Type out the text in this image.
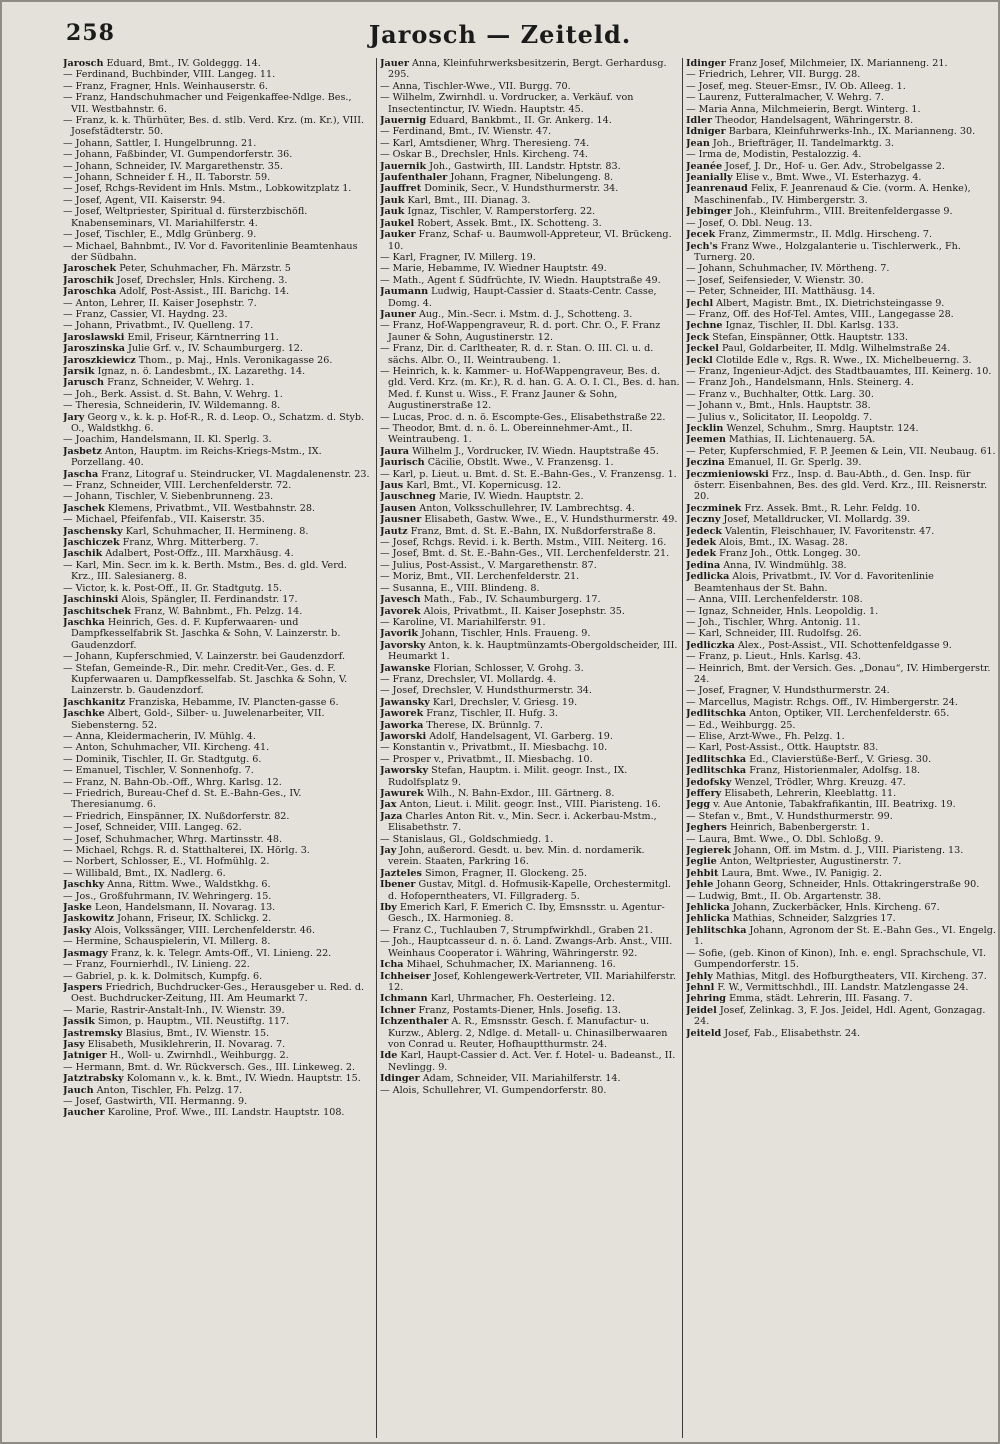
258	Jarosch — Zeiteld.
Jarosch Eduard, Bmt., IV. Goldeggg. 14.
— Ferdinand, Buchbinder, VIII. Langeg. 11.
— Franz, Fragner, Hnls. Weinhauserstr. 6.
— Franz, Handschuhmacher und Feigenkaffee-Ndlge. Bes., VII. Westbahnstr. 6.
— Franz, k. k. Thürhüter, Bes. d. stlb. Verd. Krz. (m. Kr.), VIII. Josefstädterstr. 50.
— Johann, Sattler, I. Hungelbrunng. 21.
— Johann, Faßbinder, VI. Gumpendorferstr. 36.
— Johann, Schneider, IV. Margarethenstr. 35.
— Johann, Schneider f. H., II. Taborstr. 59.
— Josef, Rchgs-Revident im Hnls. Mstm., Lobkowitzplatz 1.
— Josef, Agent, VII. Kaiserstr. 94.
— Josef, Weltpriester, Spiritual d. fürsterzbischöfl. Knabenseminars, VI. Mariahilferstr. 4.
— Josef, Tischler, E., Mdlg Grünberg. 9.
— Michael, Bahnbmt., IV. Vor d. Favoritenlinie Beamtenhaus der Südbahn.
Jaroschek Peter, Schuhmacher, Fh. Märzstr. 5
Jaroschik Josef, Drechsler, Hnls. Kircheng. 3.
Jaroschka Adolf, Post-Assist., III. Barichg. 14.
— Anton, Lehrer, II. Kaiser Josephstr. 7.
— Franz, Cassier, VI. Haydng. 23.
— Johann, Privatbmt., IV. Quelleng. 17.
Jaroslawski Emil, Friseur, Kärntnerring 11.
Jaroszinska Julie Grf. v., IV. Schaumburgerg. 12.
Jaroszkiewicz Thom., p. Maj., Hnls. Veronikagasse 26.
Jarsik Ignaz, n. ö. Landesbmt., IX. Lazarethg. 14.
Jarusch Franz, Schneider, V. Wehrg. 1.
— Joh., Berk. Assist. d. St. Bahn, V. Wehrg. 1.
— Theresia, Schneiderin, IV. Wildemanng. 8.
Jary Georg v., k. k. p. Hof-R., R. d. Leop. O., Schatzm. d. Styb. O., Waldstkhg. 6.
— Joachim, Handelsmann, II. Kl. Sperlg. 3.
Jasbetz Anton, Hauptm. im Reichs-Kriegs-Mstm., IX. Porzellang. 40.
Jascha Franz, Litograf u. Steindrucker, VI. Magdalenenstr. 23.
— Franz, Schneider, VIII. Lerchenfelderstr. 72.
— Johann, Tischler, V. Siebenbrunneng. 23.
Jaschek Klemens, Privatbmt., VII. Westbahnstr. 28.
— Michael, Pfeifenfab., VII. Kaiserstr. 35.
Jaschensky Karl, Schuhmacher, II. Hermineng. 8.
Jaschiczek Franz, Whrg. Mitterberg. 7.
Jaschik Adalbert, Post-Offz., III. Marxhäusg. 4.
— Karl, Min. Secr. im k. k. Berth. Mstm., Bes. d. gld. Verd. Krz., III. Salesianerg. 8.
— Victor, k. k. Post-Off., II. Gr. Stadtgutg. 15.
Jaschinski Alois, Spängler, II. Ferdinandstr. 17.
Jaschitschek Franz, W. Bahnbmt., Fh. Pelzg. 14.
Jaschka Heinrich, Ges. d. F. Kupferwaaren- und Dampfkesselfabrik St. Jaschka & Sohn, V. Lainzerstr. b. Gaudenzdorf.
— Johann, Kupferschmied, V. Lainzerstr. bei Gaudenzdorf.
— Stefan, Gemeinde-R., Dir. mehr. Credit-Ver., Ges. d. F. Kupferwaaren u. Dampfkesselfab. St. Jaschka & Sohn, V. Lainzerstr. b. Gaudenzdorf.
Jaschkanitz Franziska, Hebamme, IV. Plancten-gasse 6.
Jaschke Albert, Gold-, Silber- u. Juwelenarbeiter, VII. Siebensterng. 52.
— Anna, Kleidermacherin, IV. Mühlg. 4.
— Anton, Schuhmacher, VII. Kircheng. 41.
— Dominik, Tischler, II. Gr. Stadtgutg. 6.
— Emanuel, Tischler, V. Sonnenhofg. 7.
— Franz, N. Bahn-Ob.-Off., Whrg. Karlsg. 12.
— Friedrich, Bureau-Chef d. St. E.-Bahn-Ges., IV. Theresianumg. 6.
— Friedrich, Einspänner, IX. Nußdorferstr. 82.
— Josef, Schneider, VIII. Langeg. 62.
— Josef, Schuhmacher, Whrg. Martinsstr. 48.
— Michael, Rchgs. R. d. Statthalterei, IX. Hörlg. 3.
— Norbert, Schlosser, E., VI. Hofmühlg. 2.
— Willibald, Bmt., IX. Nadlerg. 6.
Jaschky Anna, Rittm. Wwe., Waldstkhg. 6.
— Jos., Großfuhrmann, IV. Wehringerg. 15.
Jaske Leon, Handelsmann, II. Novarag. 13.
Jaskowitz Johann, Friseur, IX. Schlickg. 2.
Jasky Alois, Volkssänger, VIII. Lerchenfelderstr. 46.
— Hermine, Schauspielerin, VI. Millerg. 8.
Jasmagy Franz, k. k. Telegr. Amts-Off., VI. Linieng. 22.
— Franz, Fournierhdl., IV. Linieng. 22.
— Gabriel, p. k. k. Dolmitsch, Kumpfg. 6.
Jaspers Friedrich, Buchdrucker-Ges., Herausgeber u. Red. d. Oest. Buchdrucker-Zeitung, III. Am Heumarkt 7.
— Marie, Rastrir-Anstalt-Inh., IV. Wienstr. 39.
Jassik Simon, p. Hauptm., VII. Neustiftg. 117.
Jastremsky Blasius, Bmt., IV. Wienstr. 15.
Jasy Elisabeth, Musiklehrerin, II. Novarag. 7.
Jatniger H., Woll- u. Zwirnhdl., Weihburgg. 2.
— Hermann, Bmt. d. Wr. Rückversch. Ges., III. Linkeweg. 2.
Jatztrabsky Kolomann v., k. k. Bmt., IV. Wiedn. Hauptstr. 15.
Jauch Anton, Tischler, Fh. Pelzg. 17.
— Josef, Gastwirth, VII. Hermanng. 9.
Jaucher Karoline, Prof. Wwe., III. Landstr. Hauptstr. 108.
Jauer Anna, Kleinfuhrwerksbesitzerin, Bergt. Gerhardusg. 295.
— Anna, Tischler-Wwe., VII. Burgg. 70.
— Wilhelm, Zwirnhdl. u. Vordrucker, a. Verkäuf. von Insectentinctur, IV. Wiedn. Hauptstr. 45.
Jauernig Eduard, Bankbmt., II. Gr. Ankerg. 14.
— Ferdinand, Bmt., IV. Wienstr. 47.
— Karl, Amtsdiener, Whrg. Theresieng. 74.
— Oskar B., Drechsler, Hnls. Kircheng. 74.
Jauernik Joh., Gastwirth, III. Landstr. Hptstr. 83.
Jaufenthaler Johann, Fragner, Nibelungeng. 8.
Jauffret Dominik, Secr., V. Hundsthurmerstr. 34.
Jauk Karl, Bmt., III. Dianag. 3.
Jauk Ignaz, Tischler, V. Ramperstorferg. 22.
Jaukel Robert, Assek. Bmt., IX. Schotteng. 3.
Jauker Franz, Schaf- u. Baumwoll-Appreteur, VI. Brückeng. 10.
— Karl, Fragner, IV. Millerg. 19.
— Marie, Hebamme, IV. Wiedner Hauptstr. 49.
— Math., Agent f. Südfrüchte, IV. Wiedn. Hauptstraße 49.
Jaumann Ludwig, Haupt-Cassier d. Staats-Centr. Casse, Domg. 4.
Jauner Aug., Min.-Secr. i. Mstm. d. J., Schotteng. 3.
— Franz, Hof-Wappengraveur, R. d. port. Chr. O., F. Franz Jauner & Sohn, Augustinerstr. 12.
— Franz, Dir. d. Carltheater, R. d. r. Stan. O. III. Cl. u. d. sächs. Albr. O., II. Weintraubeng. 1.
— Heinrich, k. k. Kammer- u. Hof-Wappengraveur, Bes. d. gld. Verd. Krz. (m. Kr.), R. d. han. G. A. O. I. Cl., Bes. d. han. Med. f. Kunst u. Wiss., F. Franz Jauner & Sohn, Augustinerstraße 12.
— Lucas, Proc. d. n. ö. Escompte-Ges., Elisabethstraße 22.
— Theodor, Bmt. d. n. ö. L. Obereinnehmer-Amt., II. Weintraubeng. 1.
Jaura Wilhelm J., Vordrucker, IV. Wiedn. Hauptstraße 45.
Jaurisch Cäcilie, Obstlt. Wwe., V. Franzensg. 1.
— Karl, p. Lieut. u. Bmt. d. St. E.-Bahn-Ges., V. Franzensg. 1.
Jaus Karl, Bmt., VI. Kopernicusg. 12.
Jauschneg Marie, IV. Wiedn. Hauptstr. 2.
Jausen Anton, Volksschullehrer, IV. Lambrechtsg. 4.
Jausner Elisabeth, Gastw. Wwe., E., V. Hundsthurmerstr. 49.
Jautz Franz, Bmt. d. St. E.-Bahn, IX. Nußdorferstraße 8.
— Josef, Rchgs. Revid. i. k. Berth. Mstm., VIII. Neiterg. 16.
— Josef, Bmt. d. St. E.-Bahn-Ges., VII. Lerchenfelderstr. 21.
— Julius, Post-Assist., V. Margarethenstr. 87.
— Moriz, Bmt., VII. Lerchenfelderstr. 21.
— Susanna, E., VIII. Blindeng. 8.
Javesch Math., Fab., IV. Schaumburgerg. 17.
Javorek Alois, Privatbmt., II. Kaiser Josephstr. 35.
— Karoline, VI. Mariahilferstr. 91.
Javorik Johann, Tischler, Hnls. Fraueng. 9.
Javorsky Anton, k. k. Hauptmünzamts-Obergoldscheider, III. Heumarkt 1.
Jawanske Florian, Schlosser, V. Grohg. 3.
— Franz, Drechsler, VI. Mollardg. 4.
— Josef, Drechsler, V. Hundsthurmerstr. 34.
Jawansky Karl, Drechsler, V. Griesg. 19.
Jaworek Franz, Tischler, II. Hufg. 3.
Jaworka Therese, IX. Brünnlg. 7.
Jaworski Adolf, Handelsagent, VI. Garberg. 19.
— Konstantin v., Privatbmt., II. Miesbachg. 10.
— Prosper v., Privatbmt., II. Miesbachg. 10.
Jaworsky Stefan, Hauptm. i. Milit. geogr. Inst., IX. Rudolfsplatz 9.
Jawurek Wilh., N. Bahn-Exdor., III. Gärtnerg. 8.
Jax Anton, Lieut. i. Milit. geogr. Inst., VIII. Piaristeng. 16.
Jaza Charles Anton Rit. v., Min. Secr. i. Ackerbau-Mstm., Elisabethstr. 7.
— Stanislaus, Gl., Goldschmiedg. 1.
Jay John, außerord. Gesdt. u. bev. Min. d. nordamerik. verein. Staaten, Parkring 16.
Jazteles Simon, Fragner, II. Glockeng. 25.
Ibener Gustav, Mitgl. d. Hofmusik-Kapelle, Orchestermitgl. d. Hofoperntheaters, VI. Fillgraderg. 5.
Iby Emerich Karl, F. Emerich C. Iby, Emsnsstr. u. Agentur-Gesch., IX. Harmonieg. 8.
— Franz C., Tuchlauben 7, Strumpfwirkhdl., Graben 21.
— Joh., Hauptcasseur d. n. ö. Land. Zwangs-Arb. Anst., VIII. Weinhaus Cooperator i. Währing, Währingerstr. 92.
Icha Mihael, Schuhmacher, IX. Marianneng. 16.
Ichheiser Josef, Kohlengewerk-Vertreter, VII. Mariahilferstr. 12.
Ichmann Karl, Uhrmacher, Fh. Oesterleing. 12.
Ichner Franz, Postamts-Diener, Hnls. Josefig. 13.
Ichzenthaler A. R., Emsnsstr. Gesch. f. Manufactur- u. Kurzw., Ablerg. 2, Ndlge. d. Metall- u. Chinasilberwaaren von Conrad u. Reuter, Hofhauptthurmstr. 24.
Ide Karl, Haupt-Cassier d. Act. Ver. f. Hotel- u. Badeanst., II. Nevlingg. 9.
Idinger Adam, Schneider, VII. Mariahilferstr. 14.
— Alois, Schullehrer, VI. Gumpendorferstr. 80.
Idinger Franz Josef, Milchmeier, IX. Marianneng. 21.
— Friedrich, Lehrer, VII. Burgg. 28.
— Josef, meg. Steuer-Emsr., IV. Ob. Alleeg. 1.
— Laurenz, Futteralmacher, V. Wehrg. 7.
— Maria Anna, Milchmeierin, Bergt. Winterg. 1.
Idler Theodor, Handelsagent, Währingerstr. 8.
Idniger Barbara, Kleinfuhrwerks-Inh., IX. Marianneng. 30.
Jean Joh., Briefträger, II. Tandelmarktg. 3.
— Irma de, Modistin, Pestalozzig. 4.
Jeanée Josef, J. Dr., Hof- u. Ger. Adv., Strobelgasse 2.
Jeanially Elise v., Bmt. Wwe., VI. Esterhazyg. 4.
Jeanrenaud Felix, F. Jeanrenaud & Cie. (vorm. A. Henke), Maschinenfab., IV. Himbergerstr. 3.
Jebinger Joh., Kleinfuhrm., VIII. Breitenfeldergasse 9.
— Josef, O. Dbl. Neug. 13.
Jecek Franz, Zimmermstr., II. Mdlg. Hirscheng. 7.
Jech's Franz Wwe., Holzgalanterie u. Tischlerwerk., Fh. Turnerg. 20.
— Johann, Schuhmacher, IV. Mörtheng. 7.
— Josef, Seifensieder, V. Wienstr. 30.
— Peter, Schneider, III. Matthäusg. 14.
Jechl Albert, Magistr. Bmt., IX. Dietrichsteingasse 9.
— Franz, Off. des Hof-Tel. Amtes, VIII., Langegasse 28.
Jechne Ignaz, Tischler, II. Dbl. Karlsg. 133.
Jeck Stefan, Einspänner, Ottk. Hauptstr. 133.
Jeckel Paul, Goldarbeiter, II. Mdlg. Wilhelmstraße 24.
Jeckl Clotilde Edle v., Rgs. R. Wwe., IX. Michelbeuerng. 3.
— Franz, Ingenieur-Adjct. des Stadtbauamtes, III. Keinerg. 10.
— Franz Joh., Handelsmann, Hnls. Steinerg. 4.
— Franz v., Buchhalter, Ottk. Larg. 30.
— Johann v., Bmt., Hnls. Hauptstr. 38.
— Julius v., Solicitator, II. Leopoldg. 7.
Jecklin Wenzel, Schuhm., Smrg. Hauptstr. 124.
Jeemen Mathias, II. Lichtenauerg. 5A.
— Peter, Kupferschmied, F. P. Jeemen & Lein, VII. Neubaug. 61.
Jeczina Emanuel, II. Gr. Sperlg. 39.
Jeczmieniowski Frz., Insp. d. Bau-Abth., d. Gen. Insp. für österr. Eisenbahnen, Bes. des gld. Verd. Krz., III. Reisnerstr. 20.
Jeczminek Frz. Assek. Bmt., R. Lehr. Feldg. 10.
Jeczny Josef, Metalldrucker, VI. Mollardg. 39.
Jedeck Valentin, Fleischhauer, IV. Favoritenstr. 47.
Jedek Alois, Bmt., IX. Wasag. 28.
Jedek Franz Joh., Ottk. Longeg. 30.
Jedina Anna, IV. Windmühlg. 38.
Jedlicka Alois, Privatbmt., IV. Vor d. Favoritenlinie Beamtenhaus der St. Bahn.
— Anna, VIII. Lerchenfelderstr. 108.
— Ignaz, Schneider, Hnls. Leopoldig. 1.
— Joh., Tischler, Whrg. Antonig. 11.
— Karl, Schneider, III. Rudolfsg. 26.
Jedliczka Alex., Post-Assist., VII. Schottenfeldgasse 9.
— Franz, p. Lieut., Hnls. Karlsg. 43.
— Heinrich, Bmt. der Versich. Ges. „Donau“, IV. Himbergerstr. 24.
— Josef, Fragner, V. Hundsthurmerstr. 24.
— Marcellus, Magistr. Rchgs. Off., IV. Himbergerstr. 24.
Jedlitschka Anton, Optiker, VII. Lerchenfelderstr. 65.
— Ed., Weihburgg. 25.
— Elise, Arzt-Wwe., Fh. Pelzg. 1.
— Karl, Post-Assist., Ottk. Hauptstr. 83.
Jedlitschka Ed., Clavierstüße-Berf., V. Griesg. 30.
Jedlitschka Franz, Historienmaler, Adolfsg. 18.
Jedofsky Wenzel, Trödler, Whrg. Kreuzg. 47.
Jeffery Elisabeth, Lehrerin, Kleeblattg. 11.
Jegg v. Aue Antonie, Tabakfrafikantin, III. Beatrixg. 19.
— Stefan v., Bmt., V. Hundsthurmerstr. 99.
Jeghers Heinrich, Babenbergerstr. 1.
— Laura, Bmt. Wwe., O. Dbl. Schloßg. 9.
Jegierek Johann, Off. im Mstm. d. J., VIII. Piaristeng. 13.
Jeglie Anton, Weltpriester, Augustinerstr. 7.
Jehbit Laura, Bmt. Wwe., IV. Panigig. 2.
Jehle Johann Georg, Schneider, Hnls. Ottakringerstraße 90.
— Ludwig, Bmt., II. Ob. Argartenstr. 38.
Jehlicka Johann, Zuckerbäcker, Hnls. Kircheng. 67.
Jehlicka Mathias, Schneider, Salzgries 17.
Jehlitschka Johann, Agronom der St. E.-Bahn Ges., VI. Engelg. 1.
— Sofie, (geb. Kinon of Kinon), Inh. e. engl. Sprachschule, VI. Gumpendorferstr. 15.
Jehly Mathias, Mitgl. des Hofburgtheaters, VII. Kircheng. 37.
Jehnl F. W., Vermittschhdl., III. Landstr. Matzlengasse 24.
Jehring Emma, städt. Lehrerin, III. Fasang. 7.
Jeidel Josef, Zelinkag. 3, F. Jos. Jeidel, Hdl. Agent, Gonzagag. 24.
Jeiteld Josef, Fab., Elisabethstr. 24.
